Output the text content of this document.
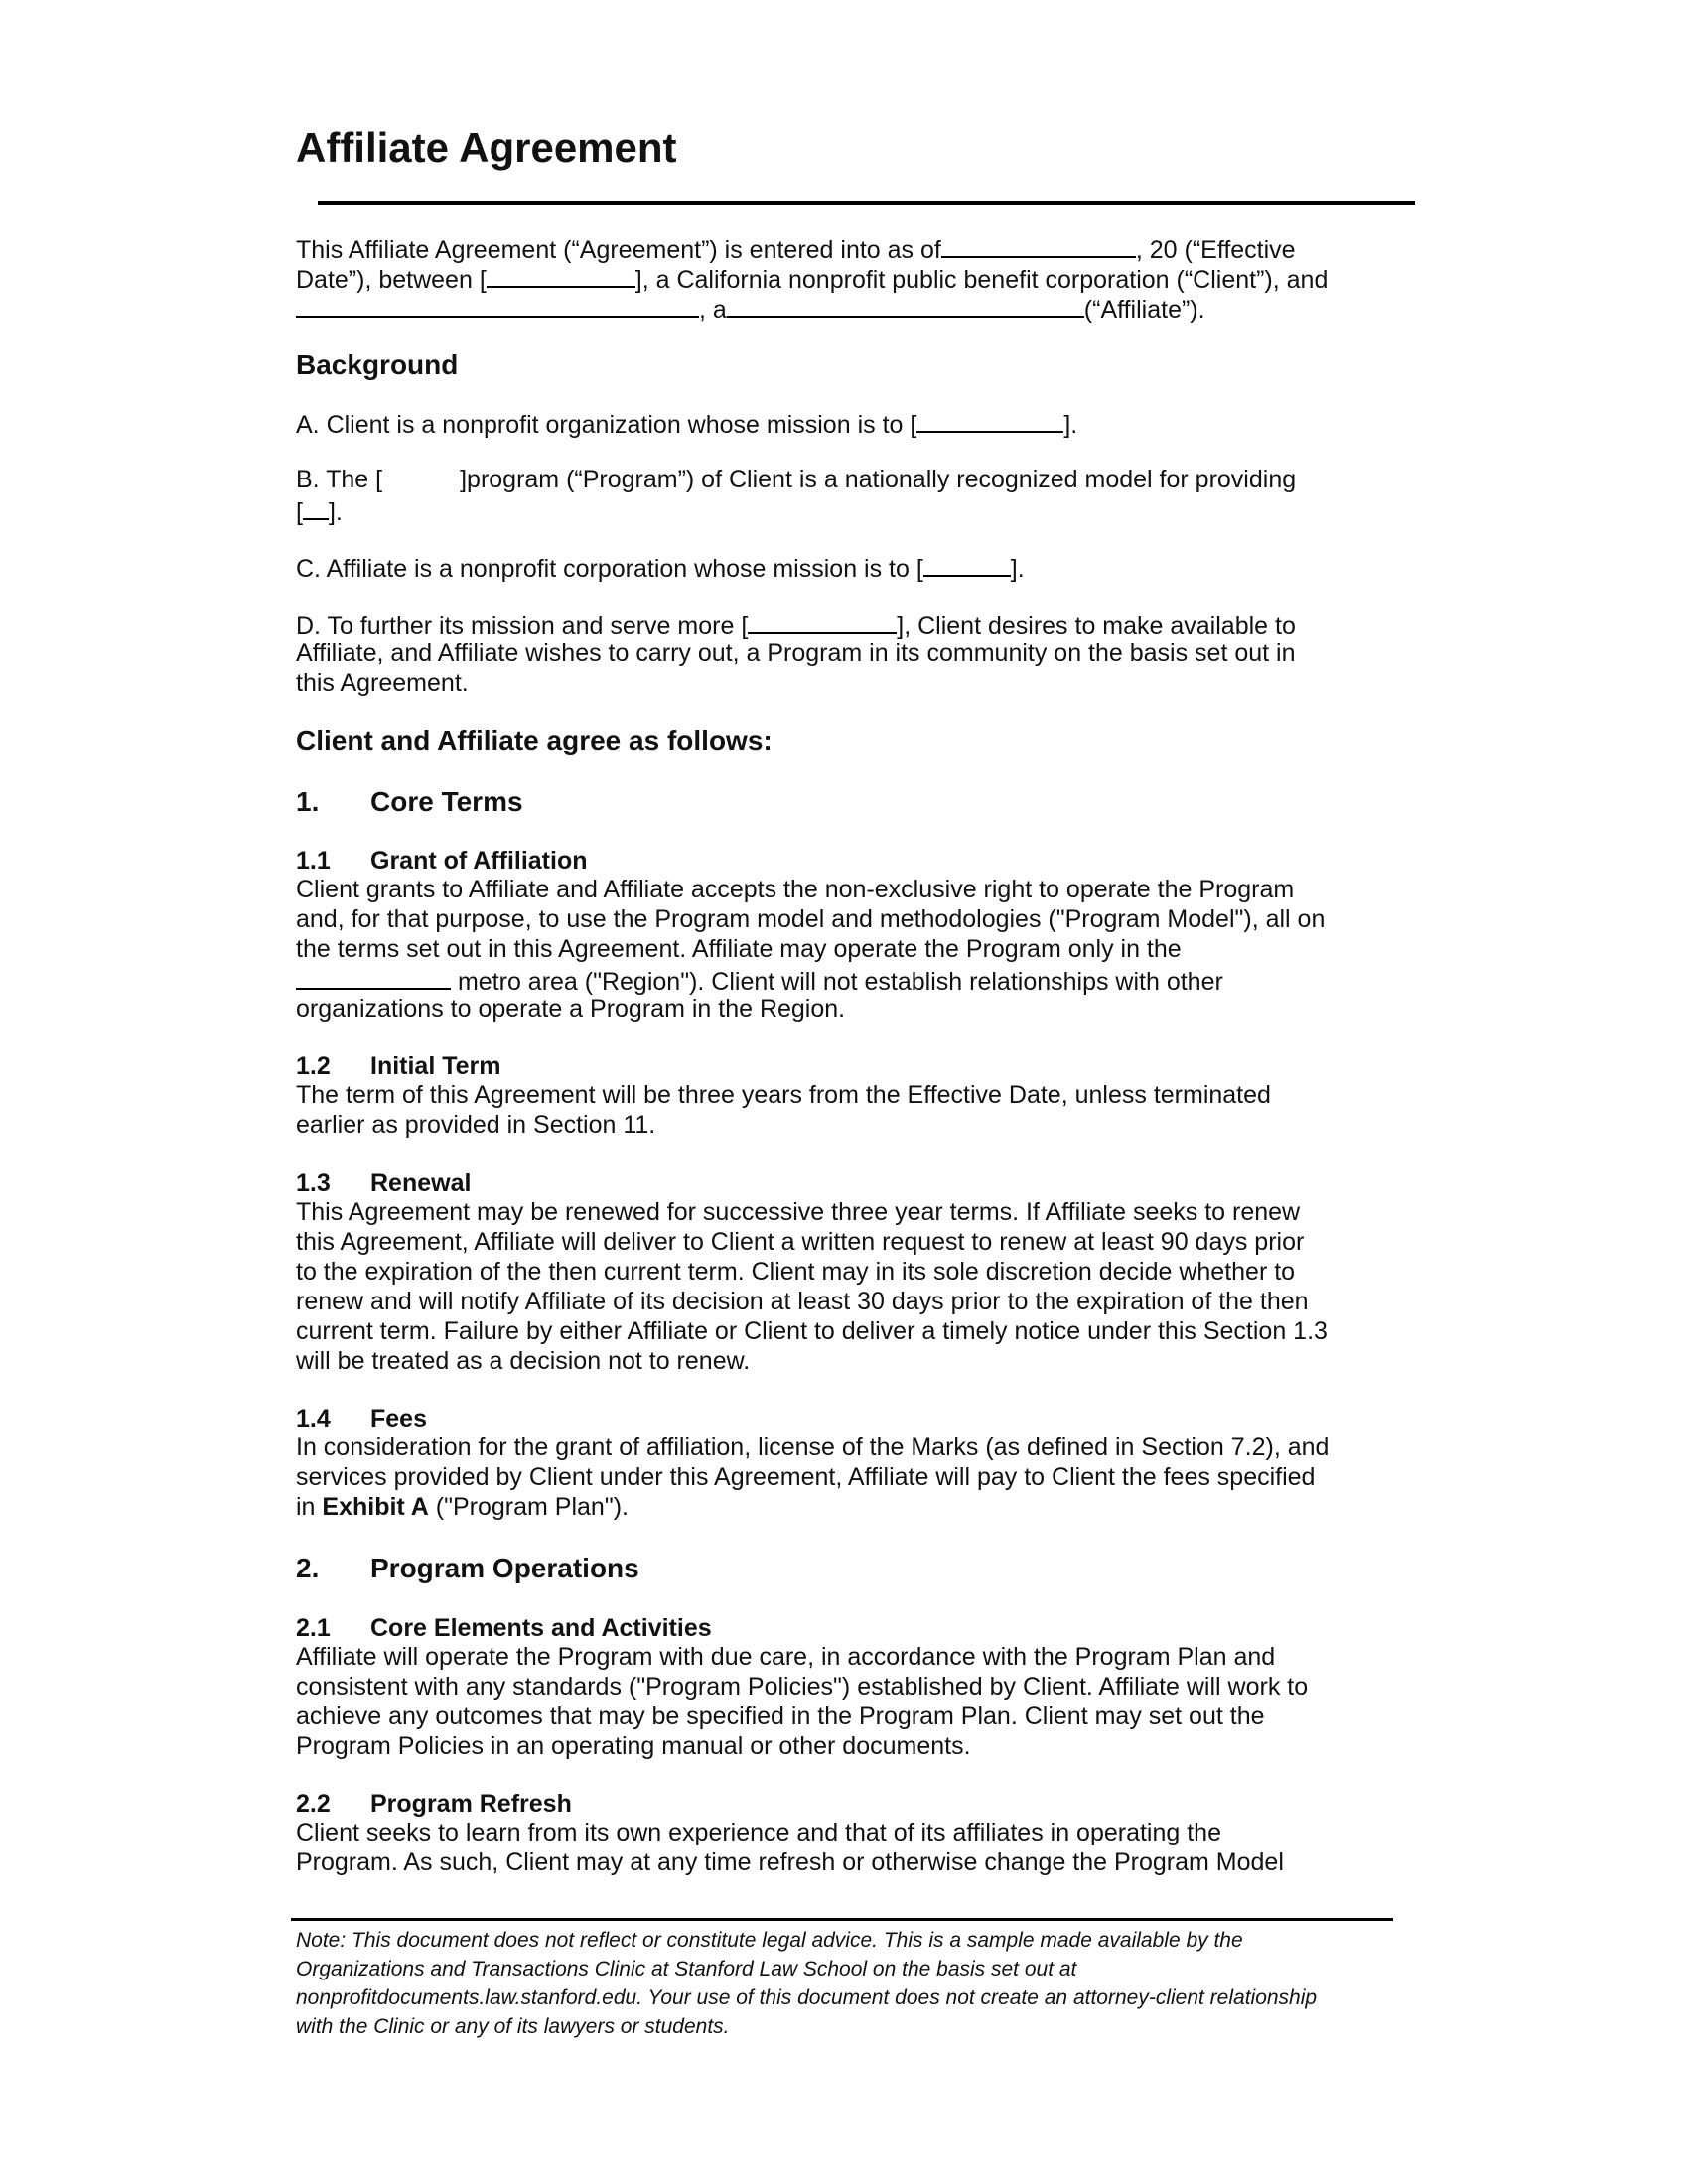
Affiliate Agreement

This Affiliate Agreement (“Agreement”) is entered into as of	, 20 (“Effective

Date”), between [	], a California nonprofit public benefit corporation (“Client”), and

, a	(“Affiliate”).

Background

A. Client is a nonprofit organization whose mission is to [	].

B. The [	]program (“Program”) of Client is a nationally recognized model for providing

[ ].

C. Affiliate is a nonprofit corporation whose mission is to [	].

D. To further its mission and serve more [	], Client desires to make available to

Affiliate, and Affiliate wishes to carry out, a Program in its community on the basis set out in

this Agreement.

Client and Affiliate agree as follows:
1.	Core Terms
1.1	Grant of Affiliation

Client grants to Affiliate and Affiliate accepts the non-exclusive right to operate the Program

and, for that purpose, to use the Program model and methodologies ("Program Model"), all on

the terms set out in this Agreement. Affiliate may operate the Program only in the

metro area ("Region"). Client will not establish relationships with other

organizations to operate a Program in the Region.

1.2	Initial Term

The term of this Agreement will be three years from the Effective Date, unless terminated

earlier as provided in Section 11.

1.3	Renewal

This Agreement may be renewed for successive three year terms. If Affiliate seeks to renew

this Agreement, Affiliate will deliver to Client a written request to renew at least 90 days prior

to the expiration of the then current term. Client may in its sole discretion decide whether to

renew and will notify Affiliate of its decision at least 30 days prior to the expiration of the then

current term. Failure by either Affiliate or Client to deliver a timely notice under this Section 1.3

will be treated as a decision not to renew.

1.4	Fees

In consideration for the grant of affiliation, license of the Marks (as defined in Section 7.2), and

services provided by Client under this Agreement, Affiliate will pay to Client the fees specified

in Exhibit A ("Program Plan").

2.	Program Operations
2.1	Core Elements and Activities

Affiliate will operate the Program with due care, in accordance with the Program Plan and

consistent with any standards ("Program Policies") established by Client. Affiliate will work to

achieve any outcomes that may be specified in the Program Plan. Client may set out the

Program Policies in an operating manual or other documents.

2.2	Program Refresh

Client seeks to learn from its own experience and that of its affiliates in operating the

Program. As such, Client may at any time refresh or otherwise change the Program Model

Note: This document does not reflect or constitute legal advice. This is a sample made available by the
Organizations and Transactions Clinic at Stanford Law School on the basis set out at
nonprofitdocuments.law.stanford.edu. Your use of this document does not create an attorney-client relationship
with the Clinic or any of its lawyers or students.
